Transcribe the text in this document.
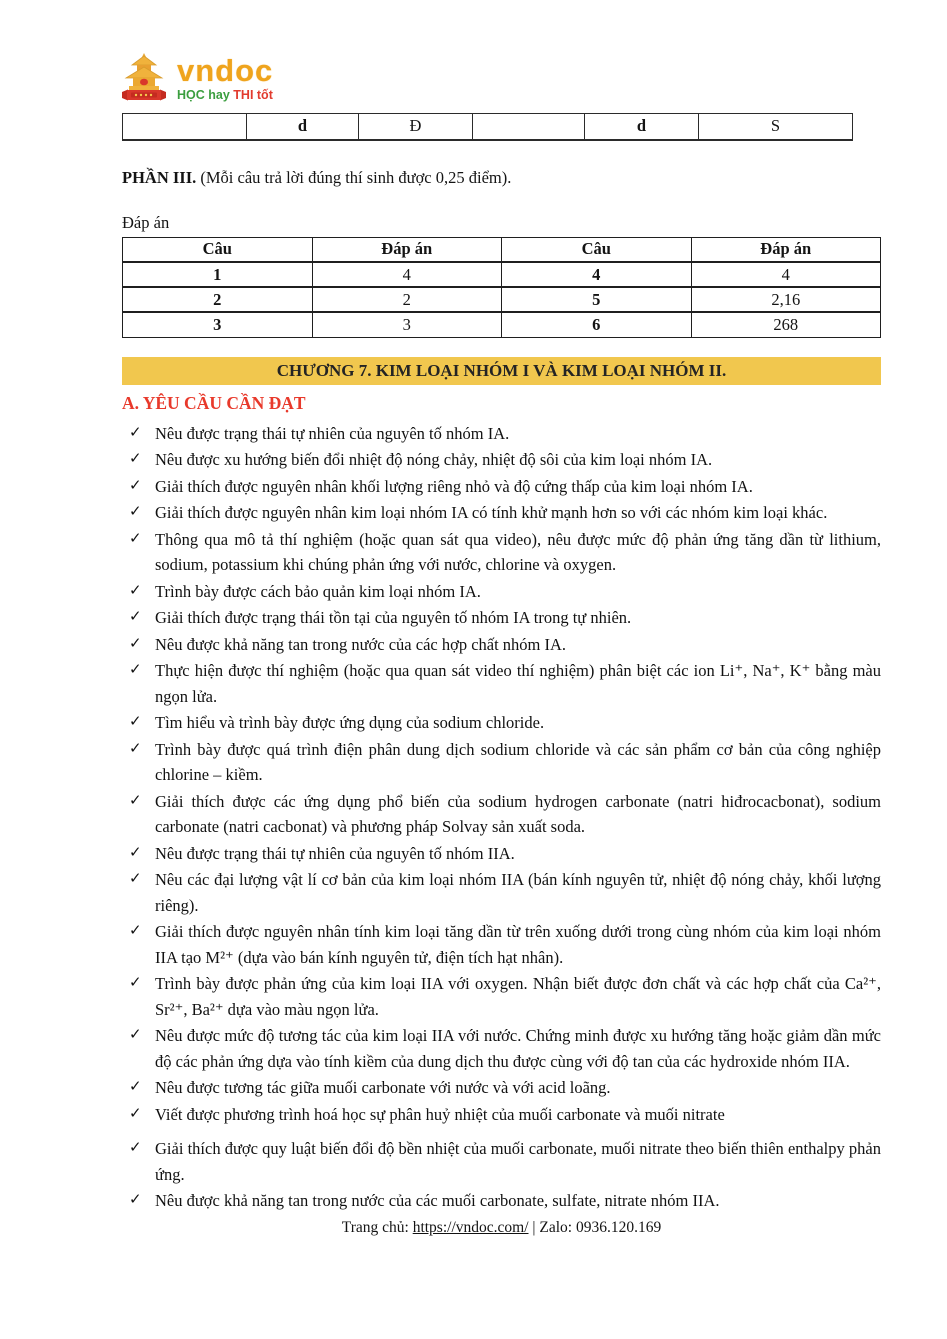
vndoc
HỌC hay THI tốt
	d	Đ		d	S

PHẦN III. (Mỗi câu trả lời đúng thí sinh được 0,25 điểm).

Đáp án

Câu	Đáp án	Câu	Đáp án
1	4	4	4
2	2	5	2,16
3	3	6	268
CHƯƠNG 7. KIM LOẠI NHÓM I VÀ KIM LOẠI NHÓM II.
A. YÊU CẦU CẦN ĐẠT
✓ Nêu được trạng thái tự nhiên của nguyên tố nhóm IA.
✓ Nêu được xu hướng biến đổi nhiệt độ nóng chảy, nhiệt độ sôi của kim loại nhóm IA.
✓ Giải thích được nguyên nhân khối lượng riêng nhỏ và độ cứng thấp của kim loại nhóm IA.
✓ Giải thích được nguyên nhân kim loại nhóm IA có tính khử mạnh hơn so với các nhóm kim loại khác.
✓ Thông qua mô tả thí nghiệm (hoặc quan sát qua video), nêu được mức độ phản ứng tăng dần từ lithium, sodium, potassium khi chúng phản ứng với nước, chlorine và oxygen.
✓ Trình bày được cách bảo quản kim loại nhóm IA.
✓ Giải thích được trạng thái tồn tại của nguyên tố nhóm IA trong tự nhiên.
✓ Nêu được khả năng tan trong nước của các hợp chất nhóm IA.
✓ Thực hiện được thí nghiệm (hoặc qua quan sát video thí nghiệm) phân biệt các ion Li⁺, Na⁺, K⁺ bằng màu ngọn lửa.
✓ Tìm hiểu và trình bày được ứng dụng của sodium chloride.
✓ Trình bày được quá trình điện phân dung dịch sodium chloride và các sản phẩm cơ bản của công nghiệp chlorine – kiềm.
✓ Giải thích được các ứng dụng phổ biến của sodium hydrogen carbonate (natri hiđrocacbonat), sodium carbonate (natri cacbonat) và phương pháp Solvay sản xuất soda.
✓ Nêu được trạng thái tự nhiên của nguyên tố nhóm IIA.
✓ Nêu các đại lượng vật lí cơ bản của kim loại nhóm IIA (bán kính nguyên tử, nhiệt độ nóng chảy, khối lượng riêng).
✓ Giải thích được nguyên nhân tính kim loại tăng dần từ trên xuống dưới trong cùng nhóm của kim loại nhóm IIA tạo M²⁺ (dựa vào bán kính nguyên tử, điện tích hạt nhân).
✓ Trình bày được phản ứng của kim loại IIA với oxygen. Nhận biết được đơn chất và các hợp chất của Ca²⁺, Sr²⁺, Ba²⁺ dựa vào màu ngọn lửa.
✓ Nêu được mức độ tương tác của kim loại IIA với nước. Chứng minh được xu hướng tăng hoặc giảm dần mức độ các phản ứng dựa vào tính kiềm của dung dịch thu được cùng với độ tan của các hydroxide nhóm IIA.
✓ Nêu được tương tác giữa muối carbonate với nước và với acid loãng.
✓ Viết được phương trình hoá học sự phân huỷ nhiệt của muối carbonate và muối nitrate
✓ Giải thích được quy luật biến đổi độ bền nhiệt của muối carbonate, muối nitrate theo biến thiên enthalpy phản ứng.
✓ Nêu được khả năng tan trong nước của các muối carbonate, sulfate, nitrate nhóm IIA.
Trang chủ: https://vndoc.com/ | Zalo: 0936.120.169
